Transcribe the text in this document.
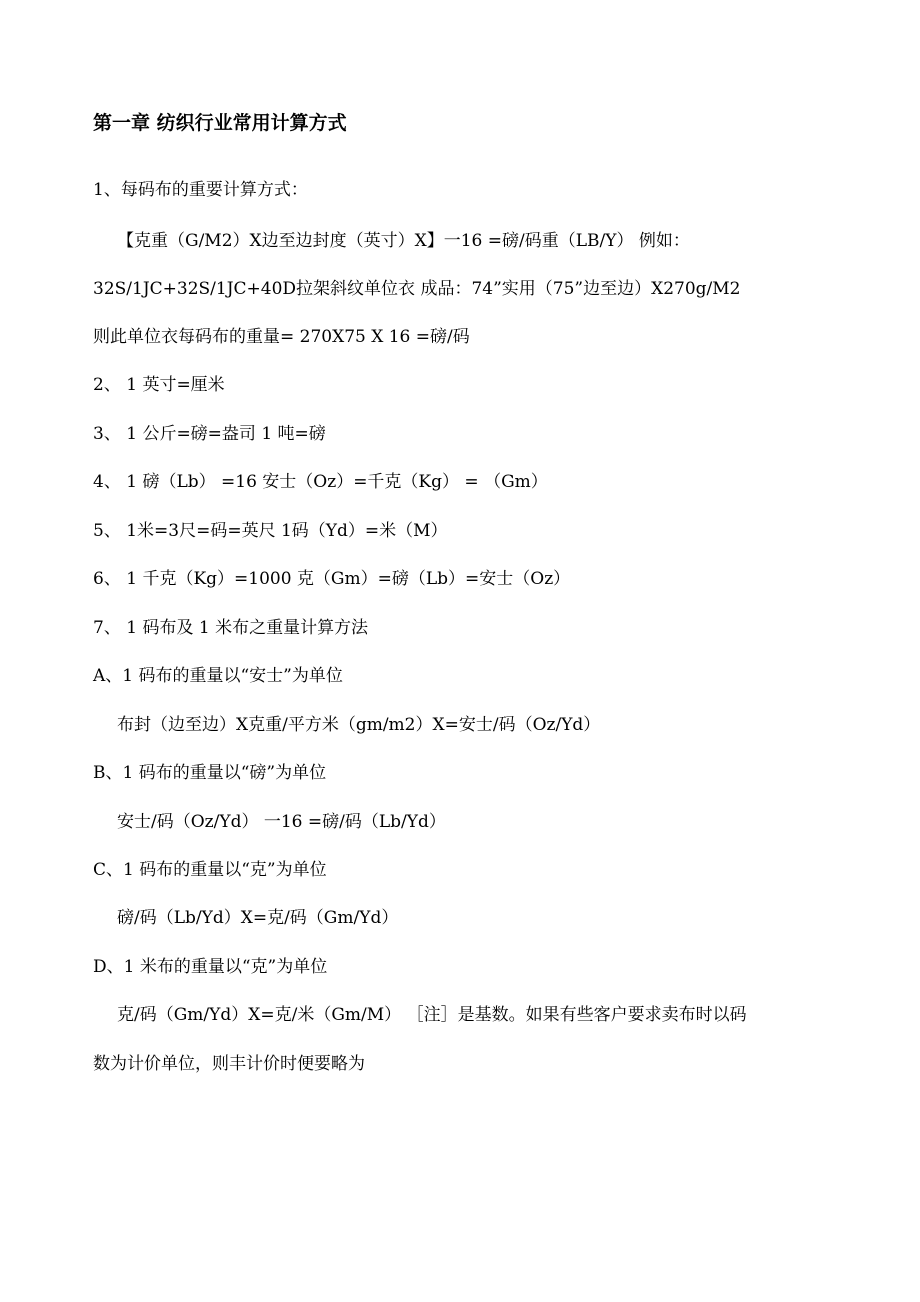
第一章 纺织行业常用计算方式
1、每码布的重要计算方式：
【克重（G/M2）X边至边封度（英寸）X】一16 =磅/码重（LB/Y） 例如：
32S/1JC+32S/1JC+40D拉架斜纹单位衣 成品：74”实用（75”边至边）X270g/M2
则此单位衣每码布的重量= 270X75 X 16 =磅/码
2、 1 英寸=厘米
3、 1 公斤=磅=盎司 1 吨=磅
4、 1 磅（Lb） =16 安士（Oz）=千克（Kg） = （Gm）
5、 1米=3尺=码=英尺 1码（Yd）=米（M）
6、 1 千克（Kg）=1000 克（Gm）=磅（Lb）=安士（Oz）
7、 1 码布及 1 米布之重量计算方法
A、1 码布的重量以“安士”为单位
布封（边至边）X克重/平方米（gm/m2）X=安士/码（Oz/Yd）
B、1 码布的重量以“磅”为单位
安士/码（Oz/Yd） 一16 =磅/码（Lb/Yd）
C、1 码布的重量以“克”为单位
磅/码（Lb/Yd）X=克/码（Gm/Yd）
D、1 米布的重量以“克”为单位
克/码（Gm/Yd）X=克/米（Gm/M） ［注］是基数。如果有些客户要求卖布时以码
数为计价单位，则丰计价时便要略为
